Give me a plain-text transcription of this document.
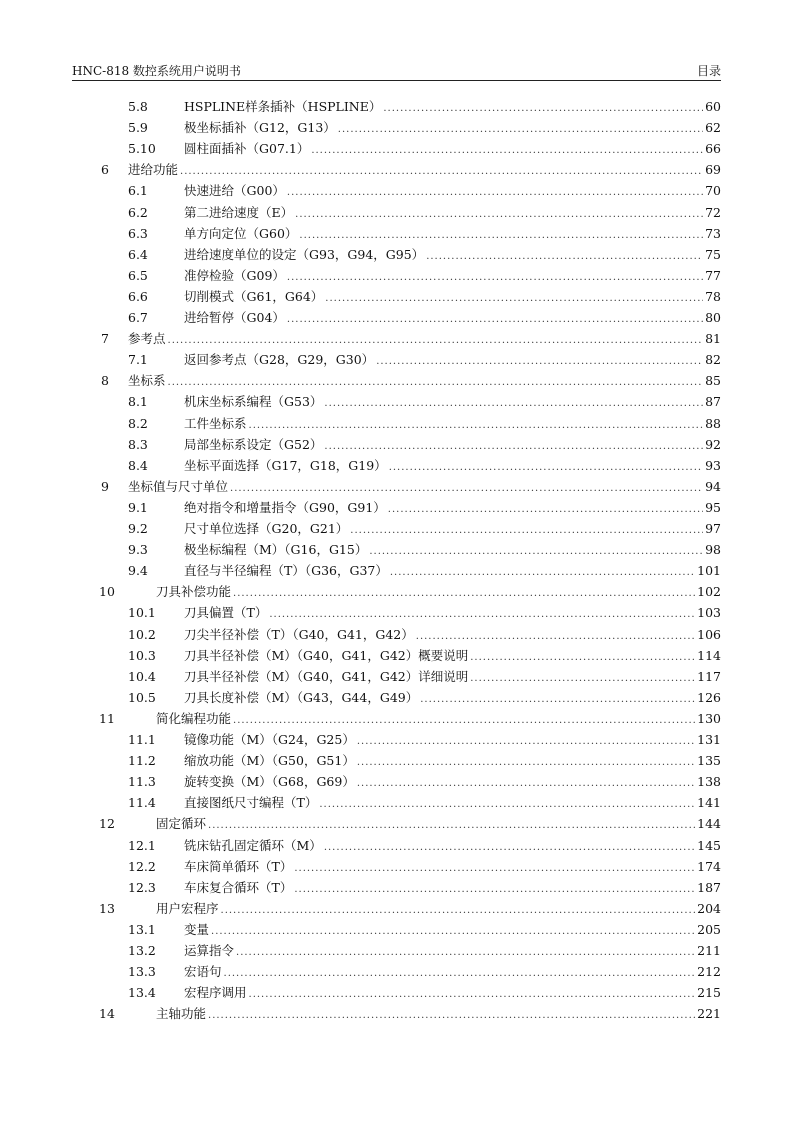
HNC-818 数控系统用户说明书	目录
5.8	HSPLINE样条插补（HSPLINE） .....	60
5.9	极坐标插补（G12，G13） .....	62
5.10 圆柱面插补（G07.1） .....	66
6 进给功能 .....	69
6.1	快速进给（G00） .....	70
6.2	第二进给速度（E） .....	72
6.3	单方向定位（G60） .....	73
6.4	进给速度单位的设定（G93，G94，G95） .....	75
6.5	准停检验（G09） .....	77
6.6	切削模式（G61，G64） .....	78
6.7	进给暂停（G04） .....	80
7 参考点 .....	81
7.1	返回参考点（G28，G29，G30） .....	82
8 坐标系 .....	85
8.1	机床坐标系编程（G53） .....	87
8.2	工件坐标系 .....	88
8.3	局部坐标系设定（G52） .....	92
8.4	坐标平面选择（G17，G18，G19） .....	93
9 坐标值与尺寸单位 .....	94
9.1	绝对指令和增量指令（G90，G91） .....	95
9.2	尺寸单位选择（G20，G21） .....	97
9.3	极坐标编程（M）（G16，G15） .....	98
9.4	直径与半径编程（T）（G36，G37） .....	101
10	刀具补偿功能 .....	102
10.1 刀具偏置（T） .....	103
10.2 刀尖半径补偿（T）（G40，G41，G42） .....	106
10.3 刀具半径补偿（M）（G40，G41，G42）概要说明 .....	114
10.4 刀具半径补偿（M）（G40，G41，G42）详细说明 .....	117
10.5 刀具长度补偿（M）（G43，G44，G49） .....	126
11	简化编程功能 .....	130
11.1 镜像功能（M）（G24，G25） .....	131
11.2 缩放功能（M）（G50，G51） .....	135
11.3 旋转变换（M）（G68，G69） .....	138
11.4 直接图纸尺寸编程（T） .....	141
12	固定循环 .....	144
12.1 铣床钻孔固定循环（M） .....	145
12.2 车床简单循环（T） .....	174
12.3 车床复合循环（T） .....	187
13	用户宏程序 .....	204
13.1 变量 .....	205
13.2 运算指令 .....	211
13.3 宏语句 .....	212
13.4 宏程序调用 .....	215
14	主轴功能 .....	221
